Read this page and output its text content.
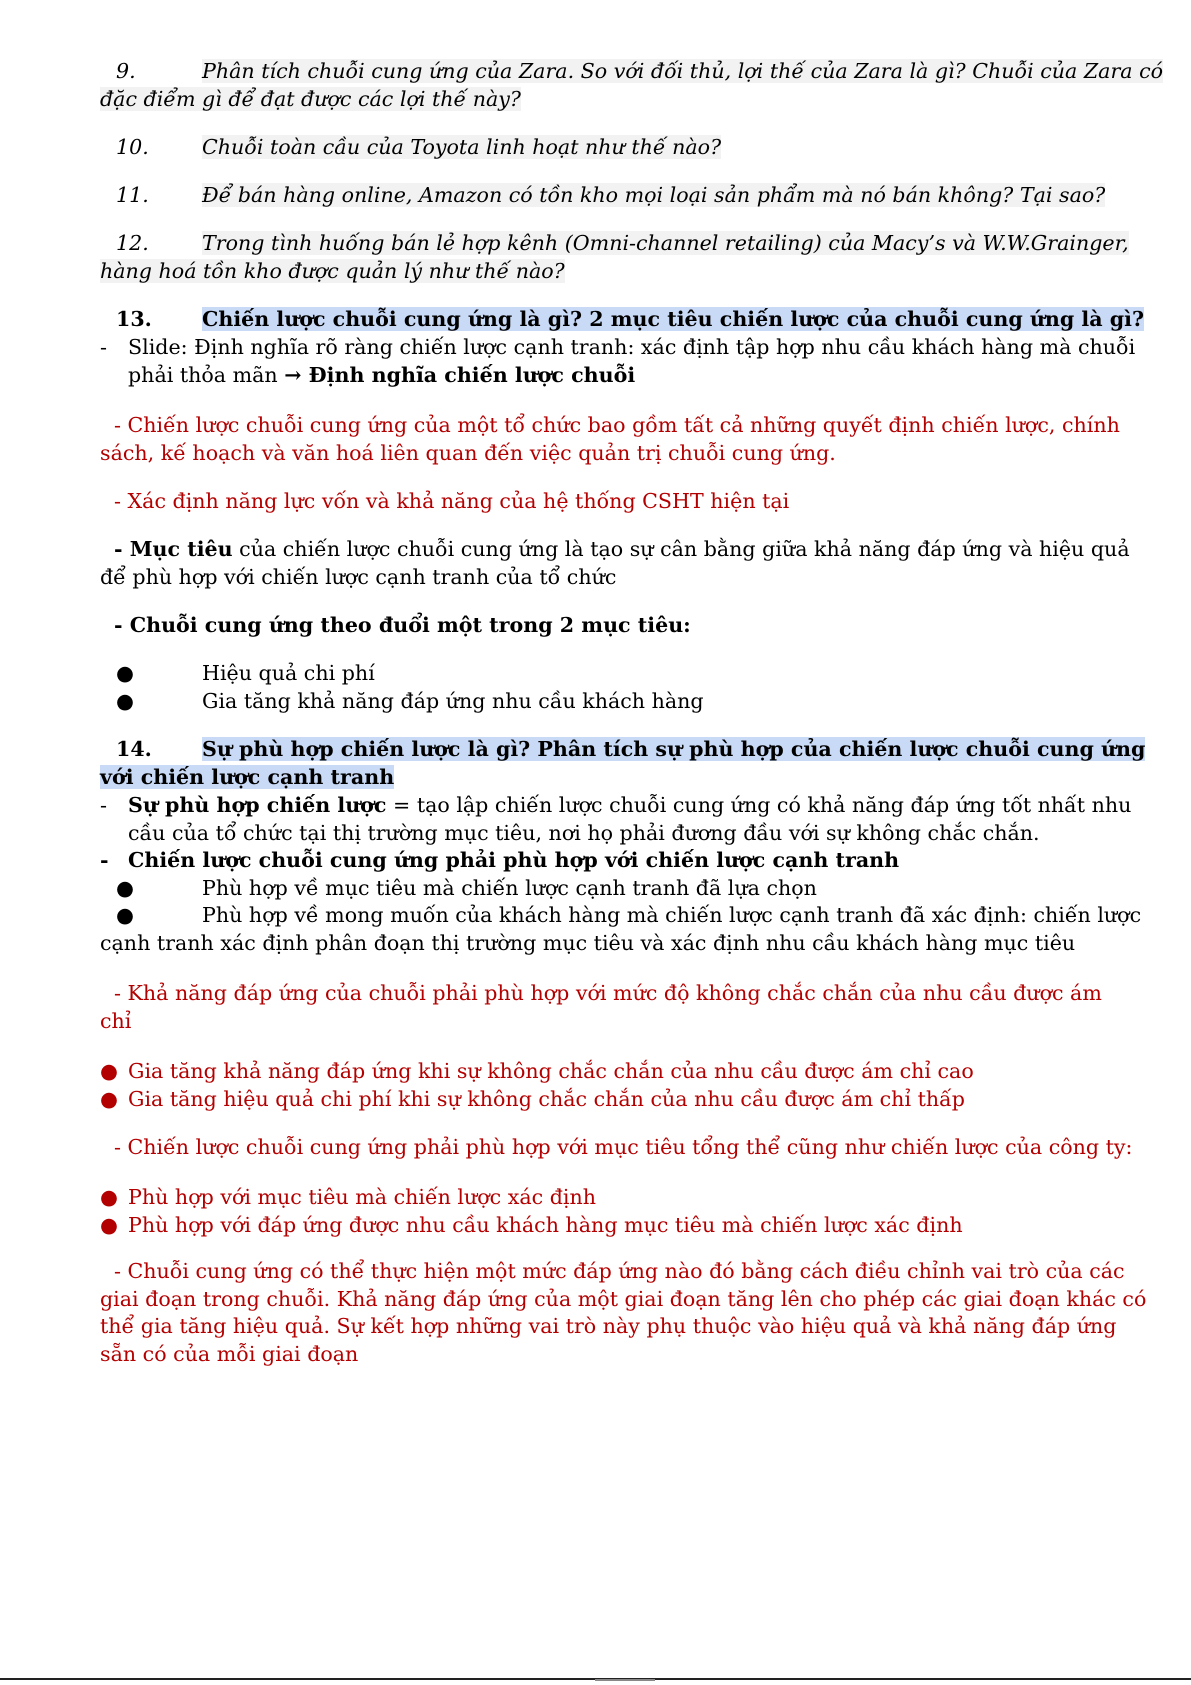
9.	Phân tích chuỗi cung ứng của Zara. So với đối thủ, lợi thế của Zara là gì? Chuỗi của Zara có
đặc điểm gì để đạt được các lợi thế này?
10.	Chuỗi toàn cầu của Toyota linh hoạt như thế nào?
11.	Để bán hàng online, Amazon có tồn kho mọi loại sản phẩm mà nó bán không? Tại sao?
12.	Trong tình huống bán lẻ hợp kênh (Omni-channel retailing) của Macy’s và W.W.Grainger,
hàng hoá tồn kho được quản lý như thế nào?
13. Chiến lược chuỗi cung ứng là gì? 2 mục tiêu chiến lược của chuỗi cung ứng là gì?
- Slide: Định nghĩa rõ ràng chiến lược cạnh tranh: xác định tập hợp nhu cầu khách hàng mà chuỗi
phải thỏa mãn → Định nghĩa chiến lược chuỗi
- Chiến lược chuỗi cung ứng của một tổ chức bao gồm tất cả những quyết định chiến lược, chính
sách, kế hoạch và văn hoá liên quan đến việc quản trị chuỗi cung ứng.
- Xác định năng lực vốn và khả năng của hệ thống CSHT hiện tại
- Mục tiêu của chiến lược chuỗi cung ứng là tạo sự cân bằng giữa khả năng đáp ứng và hiệu quả
để phù hợp với chiến lược cạnh tranh của tổ chức
- Chuỗi cung ứng theo đuổi một trong 2 mục tiêu:
●	Hiệu quả chi phí
●	Gia tăng khả năng đáp ứng nhu cầu khách hàng
14. Sự phù hợp chiến lược là gì? Phân tích sự phù hợp của chiến lược chuỗi cung ứng
với chiến lược cạnh tranh
- Sự phù hợp chiến lược = tạo lập chiến lược chuỗi cung ứng có khả năng đáp ứng tốt nhất nhu
cầu của tổ chức tại thị trường mục tiêu, nơi họ phải đương đầu với sự không chắc chắn.
- Chiến lược chuỗi cung ứng phải phù hợp với chiến lược cạnh tranh
●	Phù hợp về mục tiêu mà chiến lược cạnh tranh đã lựa chọn
●	Phù hợp về mong muốn của khách hàng mà chiến lược cạnh tranh đã xác định: chiến lược
cạnh tranh xác định phân đoạn thị trường mục tiêu và xác định nhu cầu khách hàng mục tiêu
- Khả năng đáp ứng của chuỗi phải phù hợp với mức độ không chắc chắn của nhu cầu được ám
chỉ
● Gia tăng khả năng đáp ứng khi sự không chắc chắn của nhu cầu được ám chỉ cao
● Gia tăng hiệu quả chi phí khi sự không chắc chắn của nhu cầu được ám chỉ thấp
- Chiến lược chuỗi cung ứng phải phù hợp với mục tiêu tổng thể cũng như chiến lược của công ty:
● Phù hợp với mục tiêu mà chiến lược xác định
● Phù hợp với đáp ứng được nhu cầu khách hàng mục tiêu mà chiến lược xác định
- Chuỗi cung ứng có thể thực hiện một mức đáp ứng nào đó bằng cách điều chỉnh vai trò của các
giai đoạn trong chuỗi. Khả năng đáp ứng của một giai đoạn tăng lên cho phép các giai đoạn khác có
thể gia tăng hiệu quả. Sự kết hợp những vai trò này phụ thuộc vào hiệu quả và khả năng đáp ứng
sẵn có của mỗi giai đoạn
